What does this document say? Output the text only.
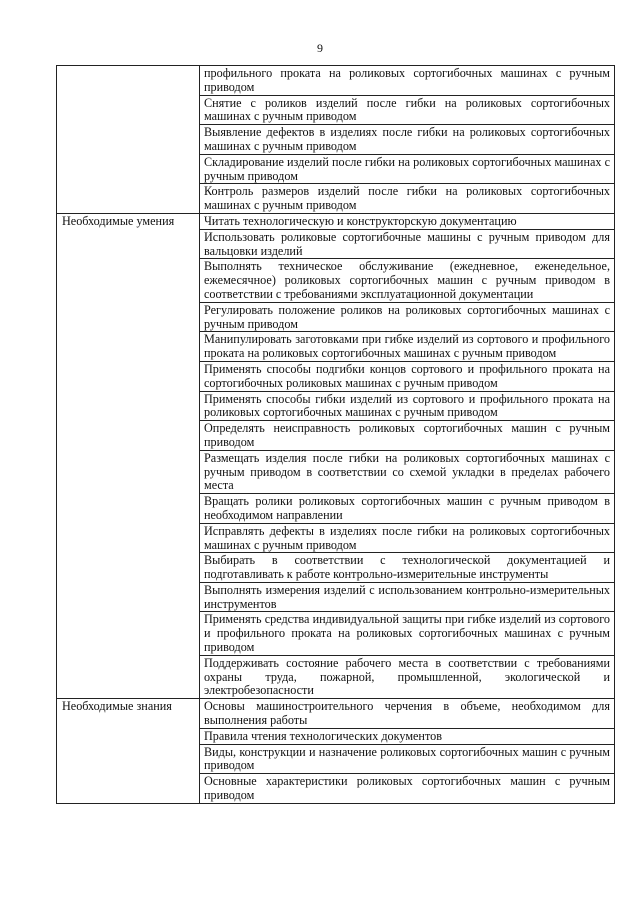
9
	профильного проката на роликовых сортогибочных машинах с ручным приводом
	Снятие с роликов изделий после гибки на роликовых сортогибочных машинах с ручным приводом
	Выявление дефектов в изделиях после гибки на роликовых сортогибочных машинах с ручным приводом
	Складирование изделий после гибки на роликовых сортогибочных машинах с ручным приводом
	Контроль размеров изделий после гибки на роликовых сортогибочных машинах с ручным приводом
Необходимые умения	Читать технологическую и конструкторскую документацию
	Использовать роликовые сортогибочные машины с ручным приводом для вальцовки изделий
	Выполнять техническое обслуживание (ежедневное, еженедельное, ежемесячное) роликовых сортогибочных машин с ручным приводом в соответствии с требованиями эксплуатационной документации
	Регулировать положение роликов на роликовых сортогибочных машинах с ручным приводом
	Манипулировать заготовками при гибке изделий из сортового и профильного проката на роликовых сортогибочных машинах с ручным приводом
	Применять способы подгибки концов сортового и профильного проката на сортогибочных роликовых машинах с ручным приводом
	Применять способы гибки изделий из сортового и профильного проката на роликовых сортогибочных машинах с ручным приводом
	Определять неисправность роликовых сортогибочных машин с ручным приводом
	Размещать изделия после гибки на роликовых сортогибочных машинах с ручным приводом в соответствии со схемой укладки в пределах рабочего места
	Вращать ролики роликовых сортогибочных машин с ручным приводом в необходимом направлении
	Исправлять дефекты в изделиях после гибки на роликовых сортогибочных машинах с ручным приводом
	Выбирать в соответствии с технологической документацией и подготавливать к работе контрольно-измерительные инструменты
	Выполнять измерения изделий с использованием контрольно-измерительных инструментов
	Применять средства индивидуальной защиты при гибке изделий из сортового и профильного проката на роликовых сортогибочных машинах с ручным приводом
	Поддерживать состояние рабочего места в соответствии с требованиями охраны труда, пожарной, промышленной, экологической и электробезопасности
Необходимые знания	Основы машиностроительного черчения в объеме, необходимом для выполнения работы
	Правила чтения технологических документов
	Виды, конструкции и назначение роликовых сортогибочных машин с ручным приводом
	Основные характеристики роликовых сортогибочных машин с ручным приводом
